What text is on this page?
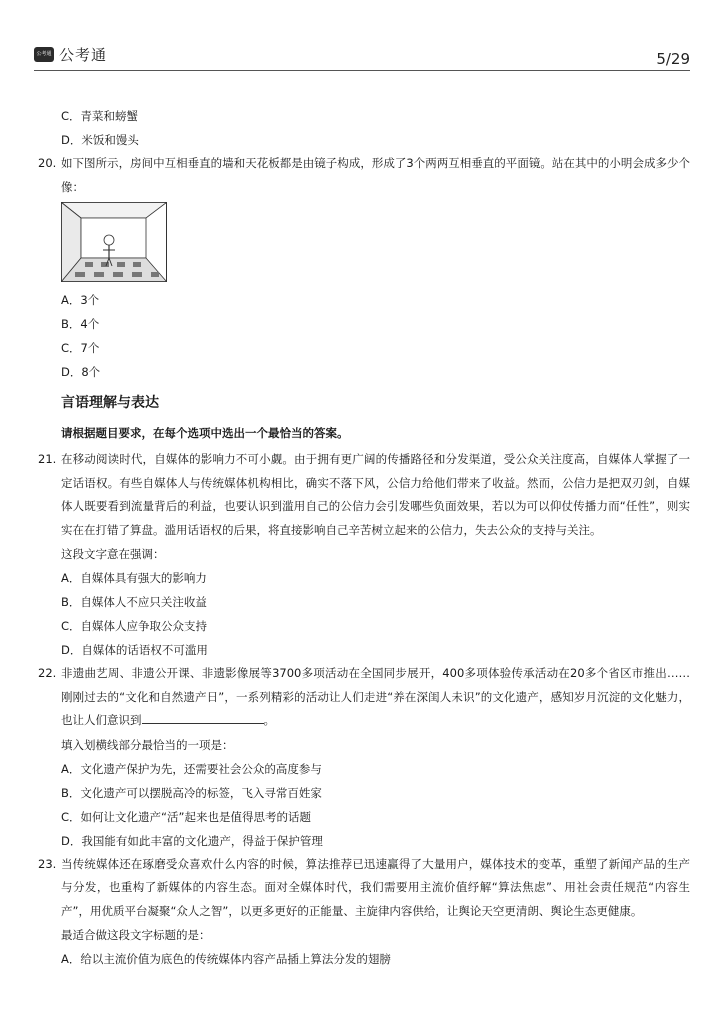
公考通 公考通	5/29
C．青菜和螃蟹
D．米饭和馒头
20. 如下图所示，房间中互相垂直的墙和天花板都是由镜子构成，形成了3个两两互相垂直的平面镜。站在其中的小明会成多少个像：
A．3个
B．4个
C．7个
D．8个
言语理解与表达
请根据题目要求，在每个选项中选出一个最恰当的答案。
21. 在移动阅读时代，自媒体的影响力不可小觑。由于拥有更广阔的传播路径和分发渠道，受公众关注度高，自媒体人掌握了一定话语权。有些自媒体人与传统媒体机构相比，确实不落下风，公信力给他们带来了收益。然而，公信力是把双刃剑，自媒体人既要看到流量背后的利益，也要认识到滥用自己的公信力会引发哪些负面效果，若以为可以仰仗传播力而“任性”，则实实在在打错了算盘。滥用话语权的后果，将直接影响自己辛苦树立起来的公信力，失去公众的支持与关注。
这段文字意在强调：
A．自媒体具有强大的影响力
B．自媒体人不应只关注收益
C．自媒体人应争取公众支持
D．自媒体的话语权不可滥用
22. 非遗曲艺周、非遗公开课、非遗影像展等3700多项活动在全国同步展开，400多项体验传承活动在20多个省区市推出……刚刚过去的“文化和自然遗产日”，一系列精彩的活动让人们走进“养在深闺人未识”的文化遗产，感知岁月沉淀的文化魅力，也让人们意识到	。
填入划横线部分最恰当的一项是：
A．文化遗产保护为先，还需要社会公众的高度参与
B．文化遗产可以摆脱高冷的标签，飞入寻常百姓家
C．如何让文化遗产“活”起来也是值得思考的话题
D．我国能有如此丰富的文化遗产，得益于保护管理
23. 当传统媒体还在琢磨受众喜欢什么内容的时候，算法推荐已迅速赢得了大量用户，媒体技术的变革，重塑了新闻产品的生产与分发，也重构了新媒体的内容生态。面对全媒体时代，我们需要用主流价值纾解“算法焦虑”、用社会责任规范“内容生产”，用优质平台凝聚“众人之智”，以更多更好的正能量、主旋律内容供给，让舆论天空更清朗、舆论生态更健康。
最适合做这段文字标题的是：
A．给以主流价值为底色的传统媒体内容产品插上算法分发的翅膀
